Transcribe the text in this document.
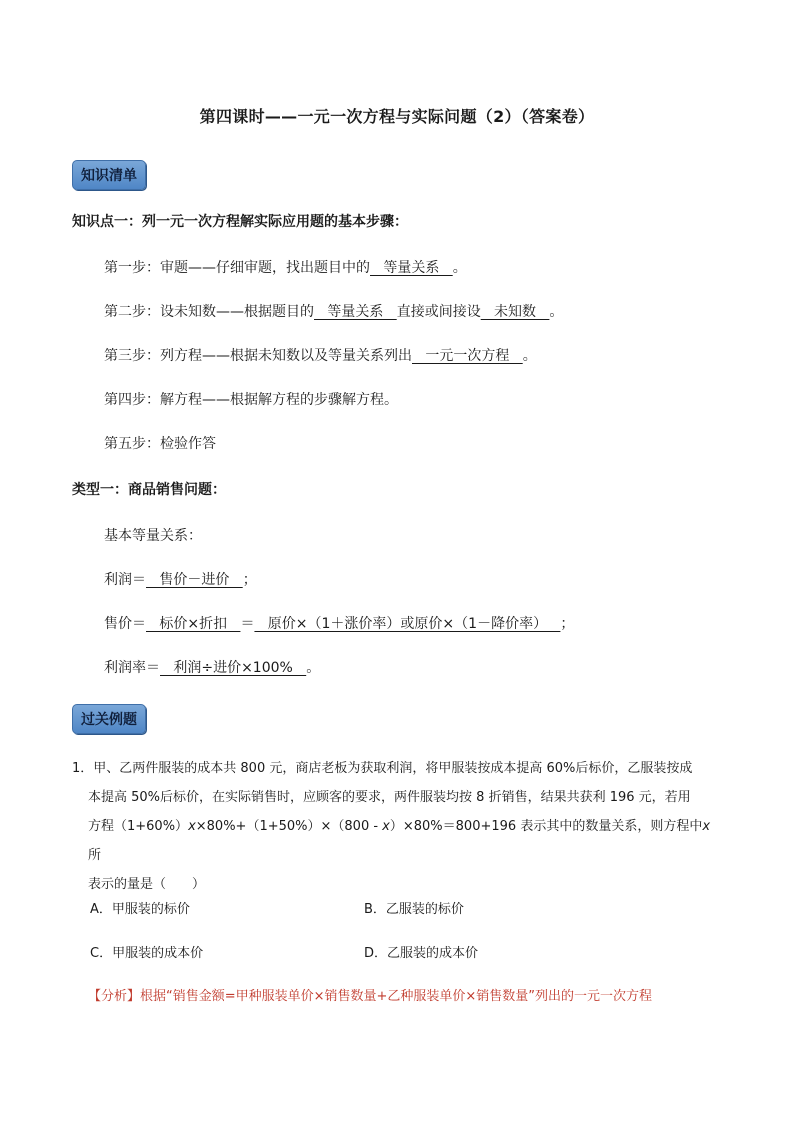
第四课时——一元一次方程与实际问题（2）（答案卷）
知识清单
知识点一：列一元一次方程解实际应用题的基本步骤：
第一步：审题——仔细审题，找出题目中的   等量关系   。
第二步：设未知数——根据题目的   等量关系   直接或间接设   未知数   。
第三步：列方程——根据未知数以及等量关系列出   一元一次方程   。
第四步：解方程——根据解方程的步骤解方程。
第五步：检验作答
类型一：商品销售问题：
基本等量关系：
利润＝   售价－进价   ；
售价＝   标价×折扣   ＝   原价×（1＋涨价率）或原价×（1－降价率）   ；
利润率＝   利润÷进价×100%   。
过关例题
1．甲、乙两件服装的成本共 800 元，商店老板为获取利润，将甲服装按成本提高 60%后标价，乙服装按成
本提高 50%后标价，在实际销售时，应顾客的要求，两件服装均按 8 折销售，结果共获利 196 元，若用
方程（1+60%）x×80%+（1+50%）×（800 - x）×80%＝800+196 表示其中的数量关系，则方程中x 所
表示的量是（　　）
A．甲服装的标价	B．乙服装的标价
C．甲服装的成本价	D．乙服装的成本价
【分析】根据“销售金额=甲种服装单价×销售数量+乙种服装单价×销售数量”列出的一元一次方程
